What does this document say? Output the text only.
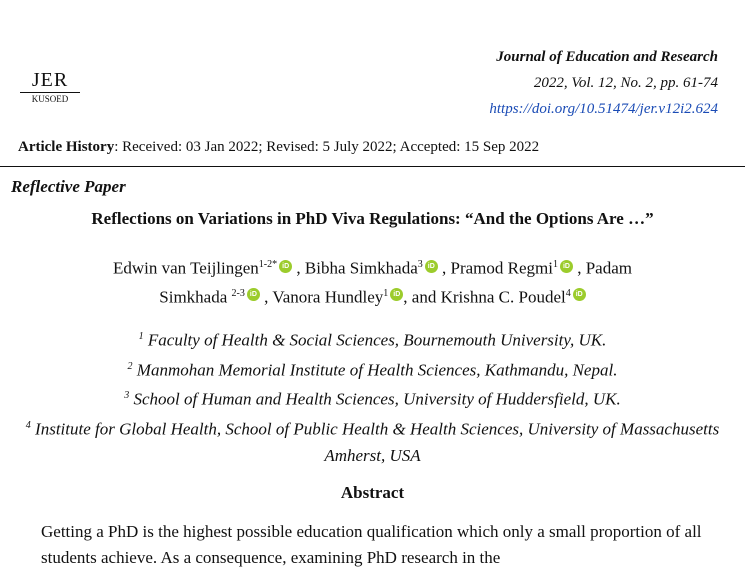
JER
KUSOED
Journal of Education and Research
2022, Vol. 12, No. 2, pp. 61-74
https://doi.org/10.51474/jer.v12i2.624
Article History: Received: 03 Jan 2022; Revised: 5 July 2022; Accepted: 15 Sep 2022
Reflective Paper
Reflections on Variations in PhD Viva Regulations: “And the Options Are …”
Edwin van Teijlingen$^{1-2*}$ iD , Bibha Simkhada$^3$ iD , Pramod Regmi$^1$ iD , Padam
Simkhada $^{2-3}$ iD , Vanora Hundley$^1$ iD , and Krishna C. Poudel$^4$ iD
$^1$ Faculty of Health & Social Sciences, Bournemouth University, UK.
$^2$ Manmohan Memorial Institute of Health Sciences, Kathmandu, Nepal.
$^3$ School of Human and Health Sciences, University of Huddersfield, UK.
$^4$ Institute for Global Health, School of Public Health & Health Sciences, University of Massachusetts Amherst, USA
Abstract
Getting a PhD is the highest possible education qualification which only a small proportion of all students achieve. As a consequence, examining PhD research in the
